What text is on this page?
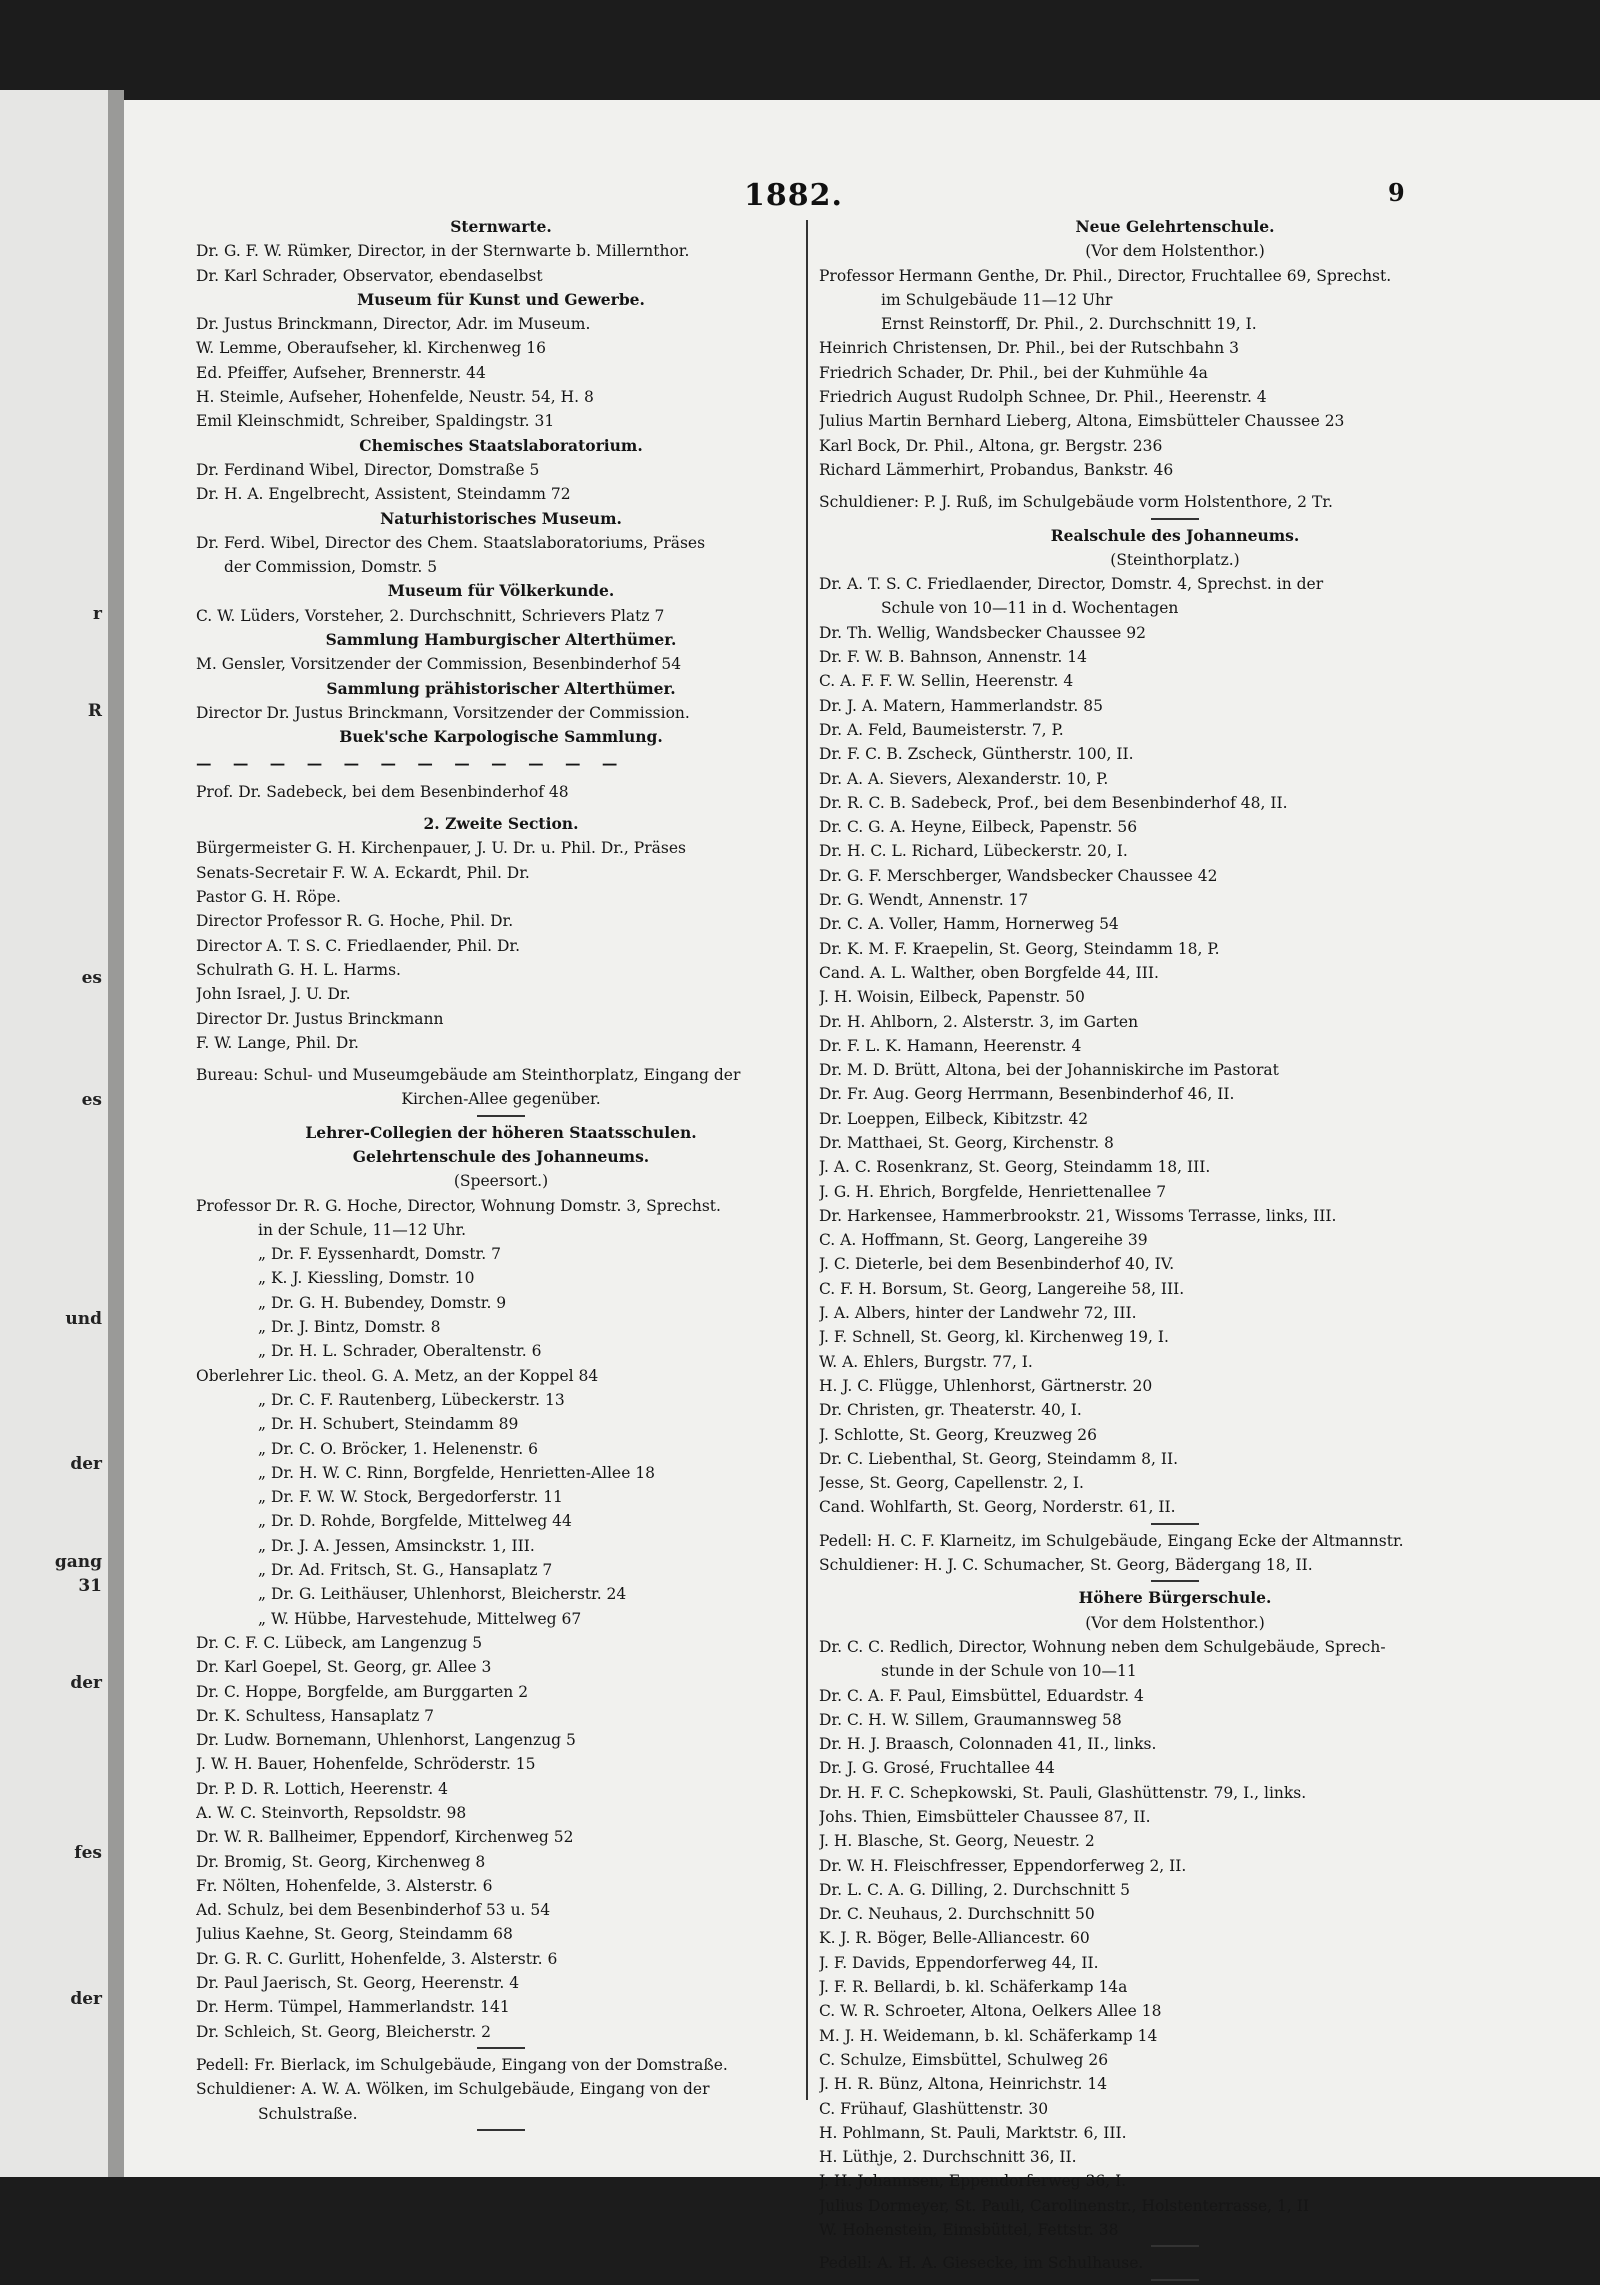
r
R
es
es
und
der
gang
31
der
fes
der
1882.	9
Sternwarte.
Dr. G. F. W. Rümker, Director, in der Sternwarte b. Millernthor.
Dr. Karl Schrader, Observator, ebendaselbst
Museum für Kunst und Gewerbe.
Dr. Justus Brinckmann, Director, Adr. im Museum.
W. Lemme, Oberaufseher, kl. Kirchenweg 16
Ed. Pfeiffer, Aufseher, Brennerstr. 44
H. Steimle, Aufseher, Hohenfelde, Neustr. 54, H. 8
Emil Kleinschmidt, Schreiber, Spaldingstr. 31
Chemisches Staatslaboratorium.
Dr. Ferdinand Wibel, Director, Domstraße 5
Dr. H. A. Engelbrecht, Assistent, Steindamm 72
Naturhistorisches Museum.
Dr. Ferd. Wibel, Director des Chem. Staatslaboratoriums, Präses
der Commission, Domstr. 5
Museum für Völkerkunde.
C. W. Lüders, Vorsteher, 2. Durchschnitt, Schrievers Platz 7
Sammlung Hamburgischer Alterthümer.
M. Gensler, Vorsitzender der Commission, Besenbinderhof 54
Sammlung prähistorischer Alterthümer.
Director Dr. Justus Brinckmann, Vorsitzender der Commission.
Buek'sche Karpologische Sammlung.
— — — — — — — — — — — —
Prof. Dr. Sadebeck, bei dem Besenbinderhof 48
2. Zweite Section.
Bürgermeister G. H. Kirchenpauer, J. U. Dr. u. Phil. Dr., Präses
Senats-Secretair F. W. A. Eckardt, Phil. Dr.
Pastor G. H. Röpe.
Director Professor R. G. Hoche, Phil. Dr.
Director A. T. S. C. Friedlaender, Phil. Dr.
Schulrath G. H. L. Harms.
John Israel, J. U. Dr.
Director Dr. Justus Brinckmann
F. W. Lange, Phil. Dr.
Bureau: Schul- und Museumgebäude am Steinthorplatz, Eingang der
Kirchen-Allee gegenüber.
Lehrer-Collegien der höheren Staatsschulen.
Gelehrtenschule des Johanneums.
(Speersort.)
Professor Dr. R. G. Hoche, Director, Wohnung Domstr. 3, Sprechst.
in der Schule, 11—12 Uhr.
„ Dr. F. Eyssenhardt, Domstr. 7
„ K. J. Kiessling, Domstr. 10
„ Dr. G. H. Bubendey, Domstr. 9
„ Dr. J. Bintz, Domstr. 8
„ Dr. H. L. Schrader, Oberaltenstr. 6
Oberlehrer Lic. theol. G. A. Metz, an der Koppel 84
„ Dr. C. F. Rautenberg, Lübeckerstr. 13
„ Dr. H. Schubert, Steindamm 89
„ Dr. C. O. Bröcker, 1. Helenenstr. 6
„ Dr. H. W. C. Rinn, Borgfelde, Henrietten-Allee 18
„ Dr. F. W. W. Stock, Bergedorferstr. 11
„ Dr. D. Rohde, Borgfelde, Mittelweg 44
„ Dr. J. A. Jessen, Amsinckstr. 1, III.
„ Dr. Ad. Fritsch, St. G., Hansaplatz 7
„ Dr. G. Leithäuser, Uhlenhorst, Bleicherstr. 24
„ W. Hübbe, Harvestehude, Mittelweg 67
Dr. C. F. C. Lübeck, am Langenzug 5
Dr. Karl Goepel, St. Georg, gr. Allee 3
Dr. C. Hoppe, Borgfelde, am Burggarten 2
Dr. K. Schultess, Hansaplatz 7
Dr. Ludw. Bornemann, Uhlenhorst, Langenzug 5
J. W. H. Bauer, Hohenfelde, Schröderstr. 15
Dr. P. D. R. Lottich, Heerenstr. 4
A. W. C. Steinvorth, Repsoldstr. 98
Dr. W. R. Ballheimer, Eppendorf, Kirchenweg 52
Dr. Bromig, St. Georg, Kirchenweg 8
Fr. Nölten, Hohenfelde, 3. Alsterstr. 6
Ad. Schulz, bei dem Besenbinderhof 53 u. 54
Julius Kaehne, St. Georg, Steindamm 68
Dr. G. R. C. Gurlitt, Hohenfelde, 3. Alsterstr. 6
Dr. Paul Jaerisch, St. Georg, Heerenstr. 4
Dr. Herm. Tümpel, Hammerlandstr. 141
Dr. Schleich, St. Georg, Bleicherstr. 2
Pedell: Fr. Bierlack, im Schulgebäude, Eingang von der Domstraße.
Schuldiener: A. W. A. Wölken, im Schulgebäude, Eingang von der
Schulstraße.
Neue Gelehrtenschule.
(Vor dem Holstenthor.)
Professor Hermann Genthe, Dr. Phil., Director, Fruchtallee 69, Sprechst.
im Schulgebäude 11—12 Uhr
Ernst Reinstorff, Dr. Phil., 2. Durchschnitt 19, I.
Heinrich Christensen, Dr. Phil., bei der Rutschbahn 3
Friedrich Schader, Dr. Phil., bei der Kuhmühle 4a
Friedrich August Rudolph Schnee, Dr. Phil., Heerenstr. 4
Julius Martin Bernhard Lieberg, Altona, Eimsbütteler Chaussee 23
Karl Bock, Dr. Phil., Altona, gr. Bergstr. 236
Richard Lämmerhirt, Probandus, Bankstr. 46
Schuldiener: P. J. Ruß, im Schulgebäude vorm Holstenthore, 2 Tr.
Realschule des Johanneums.
(Steinthorplatz.)
Dr. A. T. S. C. Friedlaender, Director, Domstr. 4, Sprechst. in der
Schule von 10—11 in d. Wochentagen
Dr. Th. Wellig, Wandsbecker Chaussee 92
Dr. F. W. B. Bahnson, Annenstr. 14
C. A. F. F. W. Sellin, Heerenstr. 4
Dr. J. A. Matern, Hammerlandstr. 85
Dr. A. Feld, Baumeisterstr. 7, P.
Dr. F. C. B. Zscheck, Güntherstr. 100, II.
Dr. A. A. Sievers, Alexanderstr. 10, P.
Dr. R. C. B. Sadebeck, Prof., bei dem Besenbinderhof 48, II.
Dr. C. G. A. Heyne, Eilbeck, Papenstr. 56
Dr. H. C. L. Richard, Lübeckerstr. 20, I.
Dr. G. F. Merschberger, Wandsbecker Chaussee 42
Dr. G. Wendt, Annenstr. 17
Dr. C. A. Voller, Hamm, Hornerweg 54
Dr. K. M. F. Kraepelin, St. Georg, Steindamm 18, P.
Cand. A. L. Walther, oben Borgfelde 44, III.
J. H. Woisin, Eilbeck, Papenstr. 50
Dr. H. Ahlborn, 2. Alsterstr. 3, im Garten
Dr. F. L. K. Hamann, Heerenstr. 4
Dr. M. D. Brütt, Altona, bei der Johanniskirche im Pastorat
Dr. Fr. Aug. Georg Herrmann, Besenbinderhof 46, II.
Dr. Loeppen, Eilbeck, Kibitzstr. 42
Dr. Matthaei, St. Georg, Kirchenstr. 8
J. A. C. Rosenkranz, St. Georg, Steindamm 18, III.
J. G. H. Ehrich, Borgfelde, Henriettenallee 7
Dr. Harkensee, Hammerbrookstr. 21, Wissoms Terrasse, links, III.
C. A. Hoffmann, St. Georg, Langereihe 39
J. C. Dieterle, bei dem Besenbinderhof 40, IV.
C. F. H. Borsum, St. Georg, Langereihe 58, III.
J. A. Albers, hinter der Landwehr 72, III.
J. F. Schnell, St. Georg, kl. Kirchenweg 19, I.
W. A. Ehlers, Burgstr. 77, I.
H. J. C. Flügge, Uhlenhorst, Gärtnerstr. 20
Dr. Christen, gr. Theaterstr. 40, I.
J. Schlotte, St. Georg, Kreuzweg 26
Dr. C. Liebenthal, St. Georg, Steindamm 8, II.
Jesse, St. Georg, Capellenstr. 2, I.
Cand. Wohlfarth, St. Georg, Norderstr. 61, II.
Pedell: H. C. F. Klarneitz, im Schulgebäude, Eingang Ecke der Altmannstr.
Schuldiener: H. J. C. Schumacher, St. Georg, Bädergang 18, II.
Höhere Bürgerschule.
(Vor dem Holstenthor.)
Dr. C. C. Redlich, Director, Wohnung neben dem Schulgebäude, Sprech-
stunde in der Schule von 10—11
Dr. C. A. F. Paul, Eimsbüttel, Eduardstr. 4
Dr. C. H. W. Sillem, Graumannsweg 58
Dr. H. J. Braasch, Colonnaden 41, II., links.
Dr. J. G. Grosé, Fruchtallee 44
Dr. H. F. C. Schepkowski, St. Pauli, Glashüttenstr. 79, I., links.
Johs. Thien, Eimsbütteler Chaussee 87, II.
J. H. Blasche, St. Georg, Neuestr. 2
Dr. W. H. Fleischfresser, Eppendorferweg 2, II.
Dr. L. C. A. G. Dilling, 2. Durchschnitt 5
Dr. C. Neuhaus, 2. Durchschnitt 50
K. J. R. Böger, Belle-Alliancestr. 60
J. F. Davids, Eppendorferweg 44, II.
J. F. R. Bellardi, b. kl. Schäferkamp 14a
C. W. R. Schroeter, Altona, Oelkers Allee 18
M. J. H. Weidemann, b. kl. Schäferkamp 14
C. Schulze, Eimsbüttel, Schulweg 26
J. H. R. Bünz, Altona, Heinrichstr. 14
C. Frühauf, Glashüttenstr. 30
H. Pohlmann, St. Pauli, Marktstr. 6, III.
H. Lüthje, 2. Durchschnitt 36, II.
J. H. Johannsen, Eppendorferweg 36, I.
Julius Dormeyer, St. Pauli, Carolinenstr., Holstenterrasse, 1, II
W. Hohenstein, Eimsbüttel, Fettstr. 38
Pedell: A. H. A. Giesecke, im Schulhause.
